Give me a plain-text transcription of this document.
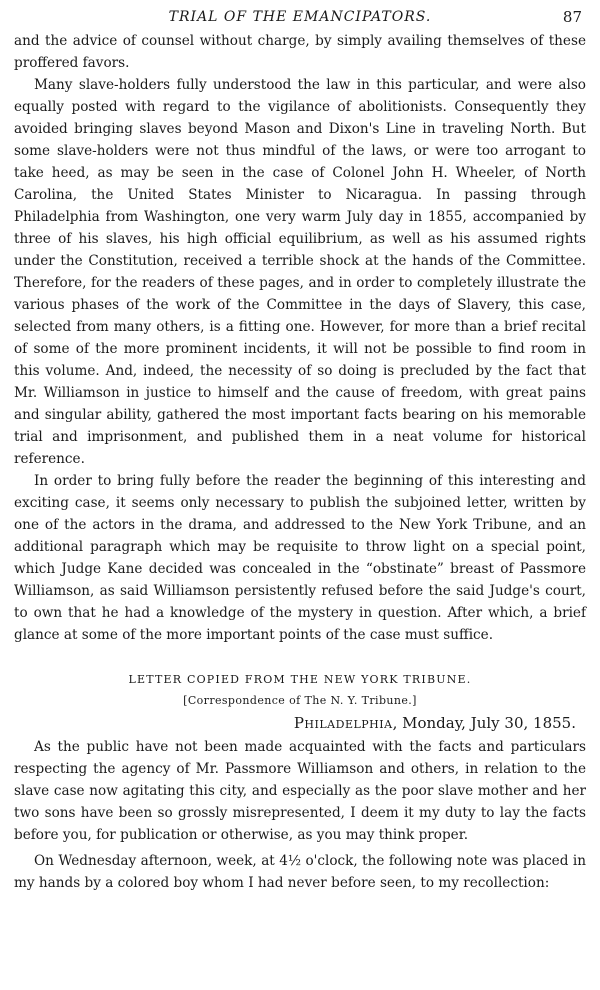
TRIAL OF THE EMANCIPATORS.	87

and the advice of counsel without charge, by simply availing themselves of these proffered favors.

Many slave-holders fully understood the law in this particular, and were also equally posted with regard to the vigilance of abolitionists. Consequently they avoided bringing slaves beyond Mason and Dixon's Line in traveling North. But some slave-holders were not thus mindful of the laws, or were too arrogant to take heed, as may be seen in the case of Colonel John H. Wheeler, of North Carolina, the United States Minister to Nicaragua. In passing through Philadelphia from Washington, one very warm July day in 1855, accompanied by three of his slaves, his high official equilibrium, as well as his assumed rights under the Constitution, received a terrible shock at the hands of the Committee. Therefore, for the readers of these pages, and in order to completely illustrate the various phases of the work of the Committee in the days of Slavery, this case, selected from many others, is a fitting one. However, for more than a brief recital of some of the more prominent incidents, it will not be possible to find room in this volume. And, indeed, the necessity of so doing is precluded by the fact that Mr. Williamson in justice to himself and the cause of freedom, with great pains and singular ability, gathered the most important facts bearing on his memorable trial and imprisonment, and published them in a neat volume for historical reference.

In order to bring fully before the reader the beginning of this interesting and exciting case, it seems only necessary to publish the subjoined letter, written by one of the actors in the drama, and addressed to the New York Tribune, and an additional paragraph which may be requisite to throw light on a special point, which Judge Kane decided was concealed in the “obstinate” breast of Passmore Williamson, as said Williamson persistently refused before the said Judge's court, to own that he had a knowledge of the mystery in question. After which, a brief glance at some of the more important points of the case must suffice.

LETTER COPIED FROM THE NEW YORK TRIBUNE.
[Correspondence of The N. Y. Tribune.]
Philadelphia, Monday, July 30, 1855.

As the public have not been made acquainted with the facts and particulars respecting the agency of Mr. Passmore Williamson and others, in relation to the slave case now agitating this city, and especially as the poor slave mother and her two sons have been so grossly misrepresented, I deem it my duty to lay the facts before you, for publication or otherwise, as you may think proper.

On Wednesday afternoon, week, at 4½ o'clock, the following note was placed in my hands by a colored boy whom I had never before seen, to my recollection:
